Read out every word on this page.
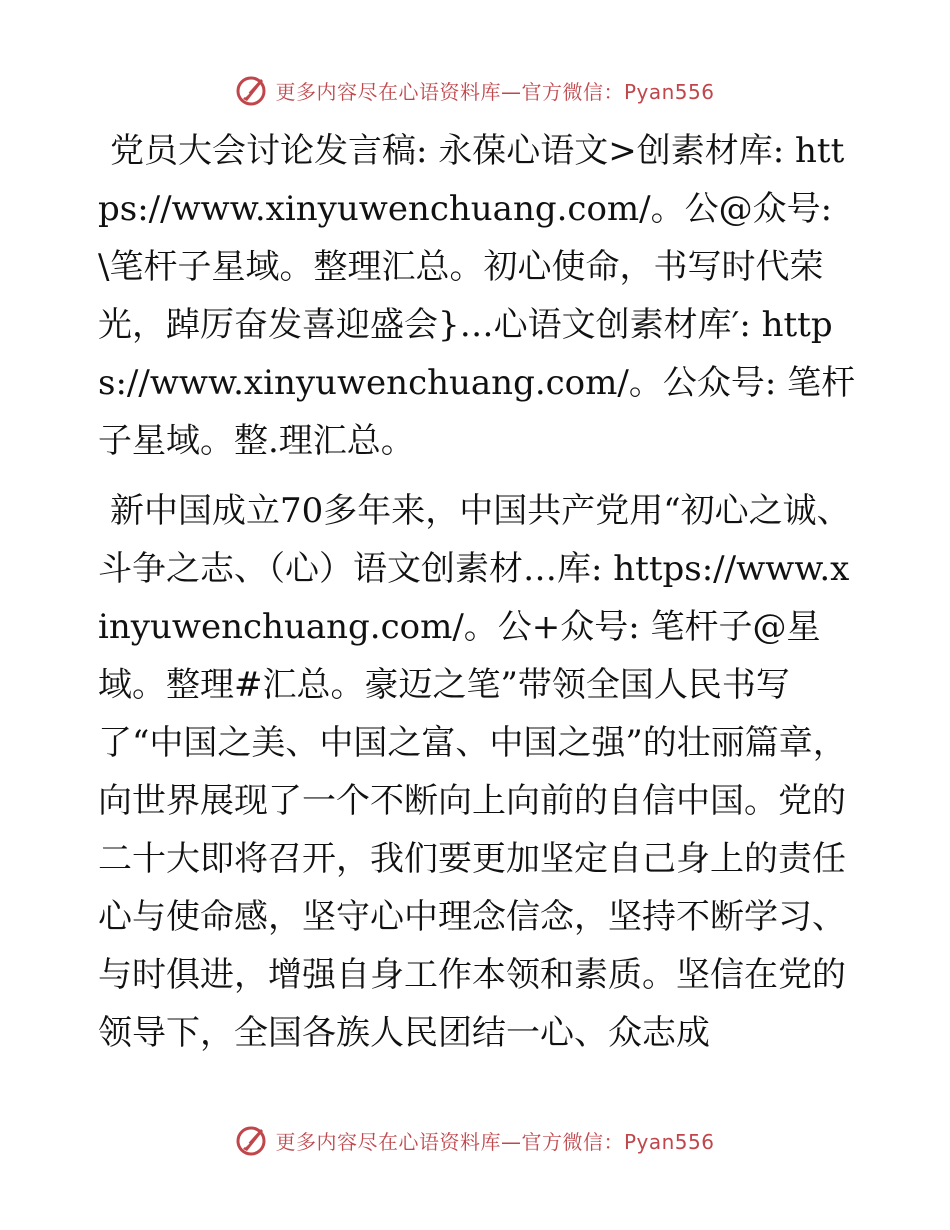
更多内容尽在心语资料库—官方微信：Pyan556

党员大会讨论发言稿: 永葆心语文>创素材库: https://www.xinyuwenchuang.com/。公@众号: \笔杆子星域。整理汇总。初心使命，书写时代荣光，踔厉奋发喜迎盛会}…心语文创素材库′: https://www.xinyuwenchuang.com/。公众号: 笔杆子星域。整.理汇总。

新中国成立70多年来，中国共产党用“初心之诚、斗争之志、（心）语文创素材…库: https://www.xinyuwenchuang.com/。公+众号: 笔杆子@星域。整理#汇总。豪迈之笔”带领全国人民书写了“中国之美、中国之富、中国之强”的壮丽篇章，向世界展现了一个不断向上向前的自信中国。党的二十大即将召开，我们要更加坚定自己身上的责任心与使命感，坚守心中理念信念，坚持不断学习、与时俱进，增强自身工作本领和素质。坚信在党的领导下，全国各族人民团结一心、众志成

更多内容尽在心语资料库—官方微信：Pyan556
